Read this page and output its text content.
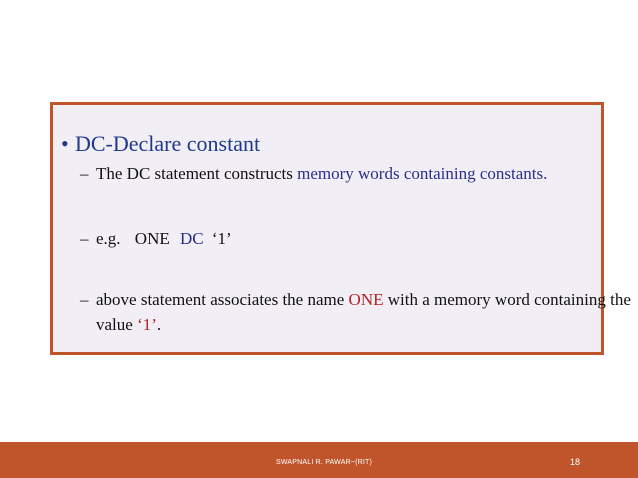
• DC-Declare constant
– The DC statement constructs memory words containing constants.
– e.g. ONE DC ‘1’
– above statement associates the name ONE with a memory word containing the
value ‘1’.
SWAPNALI R. PAWAR~(RIT)	18
